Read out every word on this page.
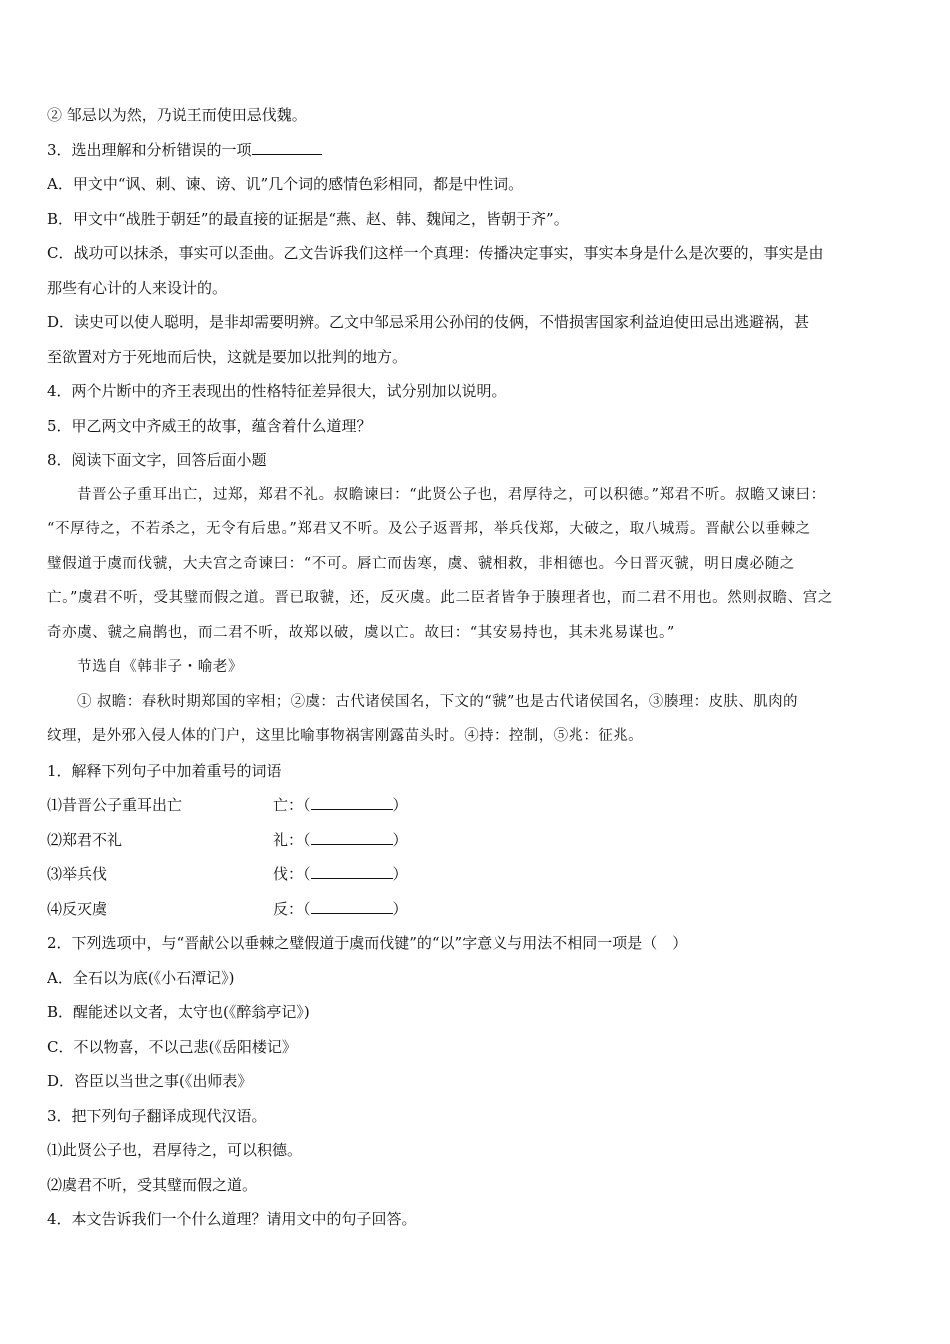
② 邹忌以为然，乃说王而使田忌伐魏。
3．选出理解和分析错误的一项
A．甲文中“讽、刺、谏、谤、讥”几个词的感情色彩相同，都是中性词。
B．甲文中“战胜于朝廷”的最直接的证据是“燕、赵、韩、魏闻之，皆朝于齐”。
C．战功可以抹杀，事实可以歪曲。乙文告诉我们这样一个真理：传播决定事实，事实本身是什么是次要的，事实是由
那些有心计的人来设计的。
D．读史可以使人聪明，是非却需要明辨。乙文中邹忌采用公孙闬的伎俩，不惜损害国家利益迫使田忌出逃避祸，甚
至欲置对方于死地而后快，这就是要加以批判的地方。
4．两个片断中的齐王表现出的性格特征差异很大，试分别加以说明。
5．甲乙两文中齐威王的故事，蕴含着什么道理？
8．阅读下面文字，回答后面小题
昔晋公子重耳出亡，过郑，郑君不礼。叔瞻谏曰：“此贤公子也，君厚待之，可以积德。”郑君不听。叔瞻又谏曰：
“不厚待之，不若杀之，无令有后患。”郑君又不听。及公子返晋邦，举兵伐郑，大破之，取八城焉。晋献公以垂棘之
璧假道于虞而伐虢，大夫宫之奇谏曰：“不可。唇亡而齿寒，虞、虢相救，非相德也。今日晋灭虢，明日虞必随之
亡。”虞君不听，受其璧而假之道。晋已取虢，还，反灭虞。此二臣者皆争于腠理者也，而二君不用也。然则叔瞻、宫之
奇亦虞、虢之扁鹊也，而二君不听，故郑以破，虞以亡。故曰：“其安易持也，其未兆易谋也。”
节选自《韩非子・喻老》
① 叔瞻：春秋时期郑国的宰相；②虞：古代诸侯国名，下文的“虢”也是古代诸侯国名，③腠理：皮肤、肌肉的
纹理，是外邪入侵人体的门户，这里比喻事物祸害刚露苗头时。④持：控制，⑤兆：征兆。
1．解释下列句子中加着重号的词语
⑴昔晋公子重耳出亡	亡：（	）
⑵郑君不礼	礼：（	）
⑶举兵伐	伐：（	）
⑷反灭虞	反：（	）
2．下列选项中，与“晋献公以垂棘之璧假道于虞而伐键”的“以”字意义与用法不相同一项是（　）
A．全石以为底(《小石潭记》)
B．醒能述以文者，太守也(《醉翁亭记》)
C．不以物喜，不以己悲(《岳阳楼记》
D．咨臣以当世之事(《出师表》
3．把下列句子翻译成现代汉语。
⑴此贤公子也，君厚待之，可以积德。
⑵虞君不听，受其璧而假之道。
4．本文告诉我们一个什么道理？请用文中的句子回答。
